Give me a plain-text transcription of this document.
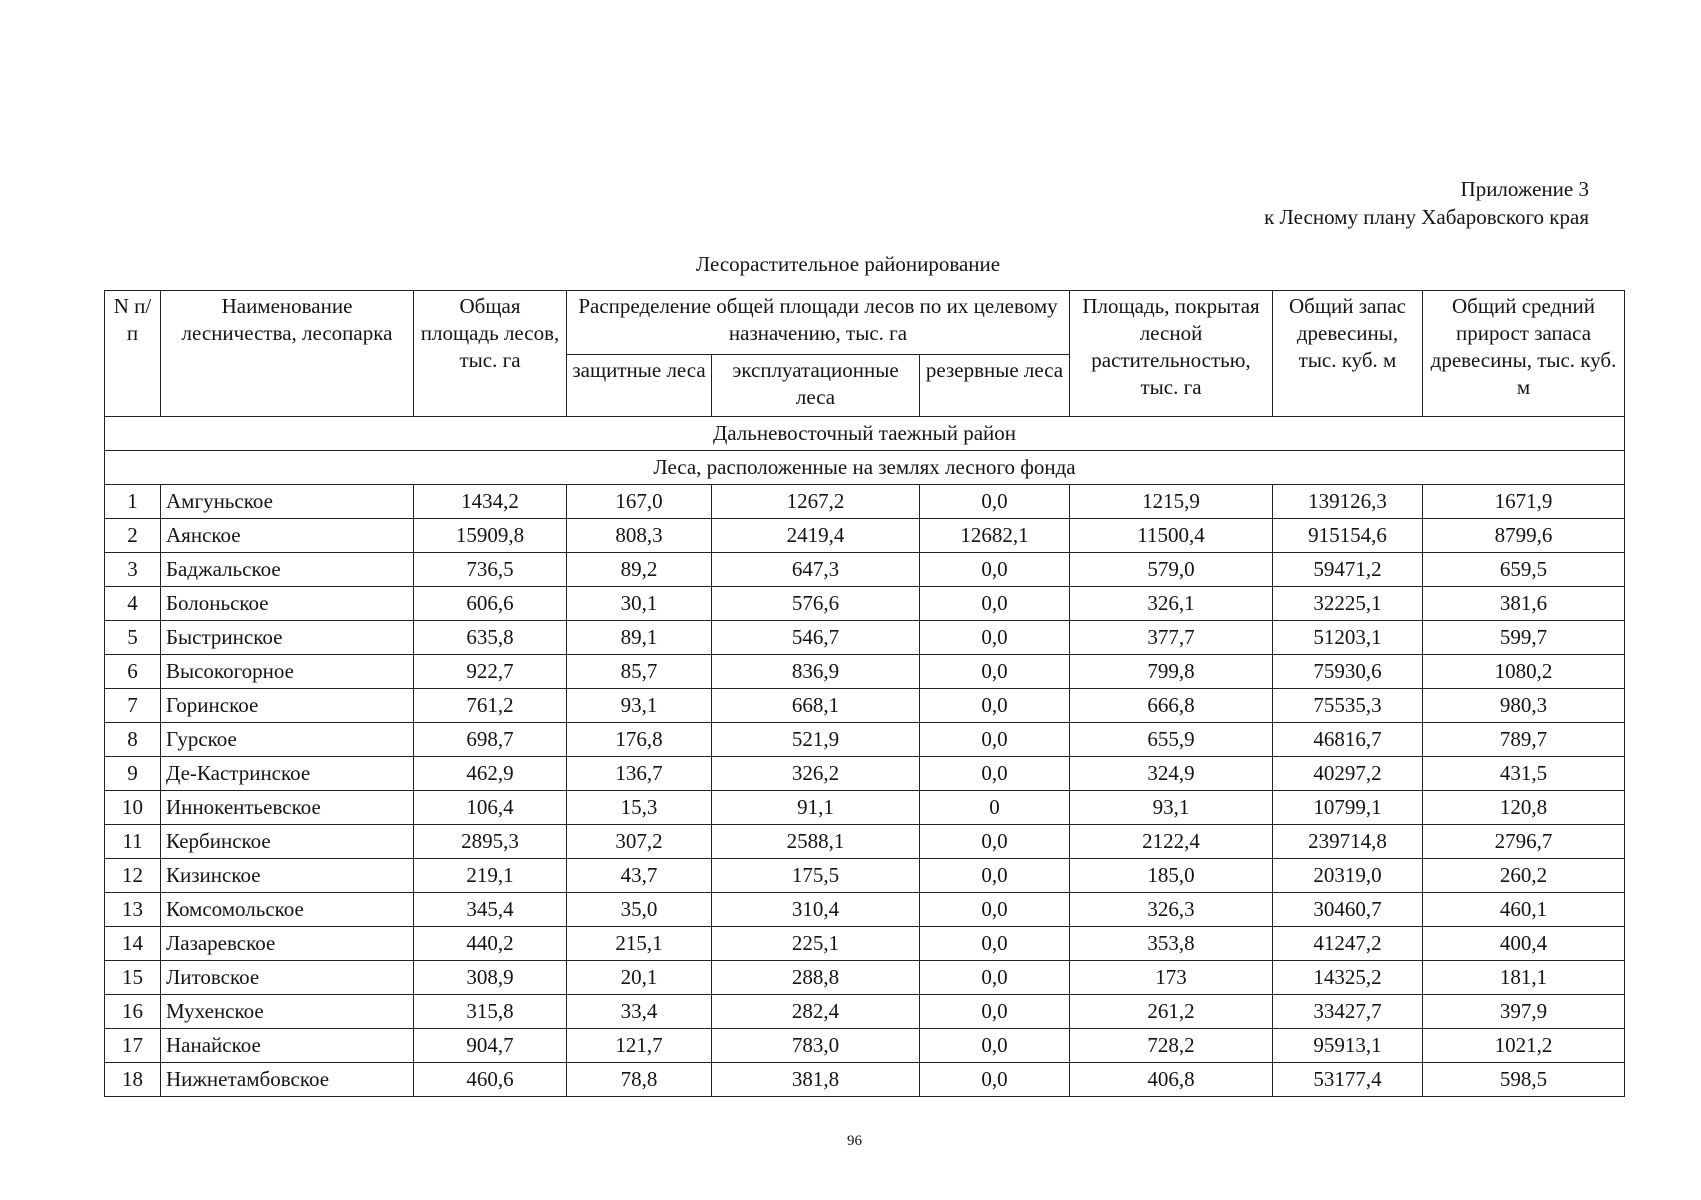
Приложение 3
к Лесному плану Хабаровского края
Лесорастительное районирование
N п/п	Наименование лесничества, лесопарка	Общая площадь лесов, тыс. га	Распределение общей площади лесов по их целевому назначению, тыс. га			Площадь, покрытая лесной растительностью, тыс. га	Общий запас древесины, тыс. куб. м	Общий средний прирост запаса древесины, тыс. куб. м
			защитные леса	эксплуатационные леса	резервные леса			
Дальневосточный таежный район								
Леса, расположенные на землях лесного фонда								
1	Амгуньское	1434,2	167,0	1267,2	0,0	1215,9	139126,3	1671,9
2	Аянское	15909,8	808,3	2419,4	12682,1	11500,4	915154,6	8799,6
3	Баджальское	736,5	89,2	647,3	0,0	579,0	59471,2	659,5
4	Болоньское	606,6	30,1	576,6	0,0	326,1	32225,1	381,6
5	Быстринское	635,8	89,1	546,7	0,0	377,7	51203,1	599,7
6	Высокогорное	922,7	85,7	836,9	0,0	799,8	75930,6	1080,2
7	Горинское	761,2	93,1	668,1	0,0	666,8	75535,3	980,3
8	Гурское	698,7	176,8	521,9	0,0	655,9	46816,7	789,7
9	Де-Кастринское	462,9	136,7	326,2	0,0	324,9	40297,2	431,5
10	Иннокентьевское	106,4	15,3	91,1	0	93,1	10799,1	120,8
11	Кербинское	2895,3	307,2	2588,1	0,0	2122,4	239714,8	2796,7
12	Кизинское	219,1	43,7	175,5	0,0	185,0	20319,0	260,2
13	Комсомольское	345,4	35,0	310,4	0,0	326,3	30460,7	460,1
14	Лазаревское	440,2	215,1	225,1	0,0	353,8	41247,2	400,4
15	Литовское	308,9	20,1	288,8	0,0	173	14325,2	181,1
16	Мухенское	315,8	33,4	282,4	0,0	261,2	33427,7	397,9
17	Нанайское	904,7	121,7	783,0	0,0	728,2	95913,1	1021,2
18	Нижнетамбовское	460,6	78,8	381,8	0,0	406,8	53177,4	598,5
96
